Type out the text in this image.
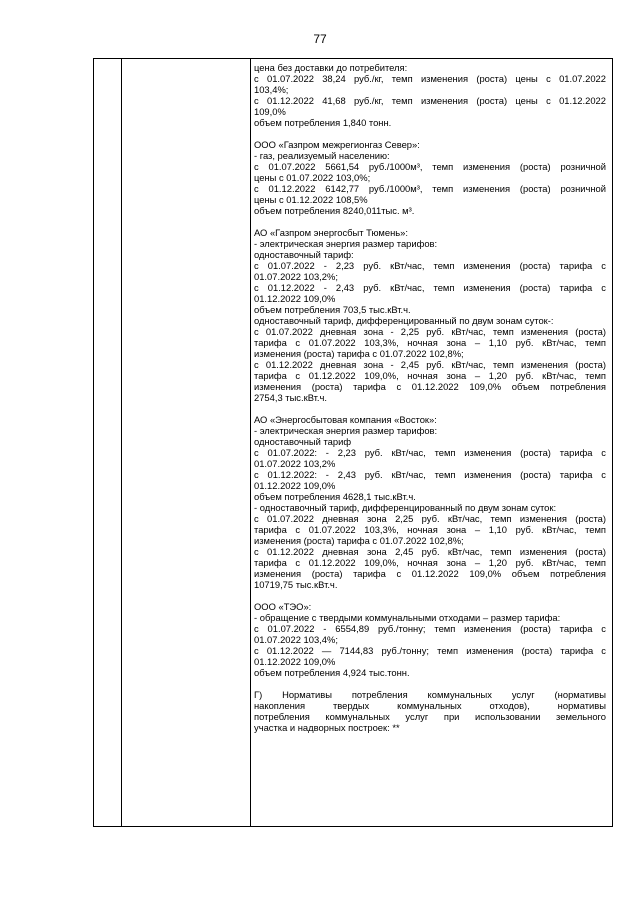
77
цена без доставки до потребителя:
с 01.07.2022 38,24 руб./кг, темп изменения (роста) цены с 01.07.2022
103,4%;
с 01.12.2022 41,68 руб./кг, темп изменения (роста) цены с 01.12.2022
109,0%
объем потребления 1,840 тонн.
ООО «Газпром межрегионгаз Север»:
- газ, реализуемый населению:
с 01.07.2022 5661,54 руб./1000м³, темп изменения (роста) розничной
цены с 01.07.2022 103,0%;
с 01.12.2022 6142,77 руб./1000м³, темп изменения (роста) розничной
цены с 01.12.2022 108,5%
объем потребления 8240,011тыс. м³.
АО «Газпром энергосбыт Тюмень»:
- электрическая энергия размер тарифов:
одноставочный тариф:
с 01.07.2022 - 2,23 руб. кВт/час, темп изменения (роста) тарифа с
01.07.2022 103,2%;
с 01.12.2022 - 2,43 руб. кВт/час, темп изменения (роста) тарифа с
01.12.2022 109,0%
объем потребления 703,5 тыс.кВт.ч.
одноставочный тариф, дифференцированный по двум зонам суток-:
с 01.07.2022 дневная зона - 2,25 руб. кВт/час, темп изменения (роста)
тарифа с 01.07.2022 103,3%, ночная зона – 1,10 руб. кВт/час, темп
изменения (роста) тарифа с 01.07.2022 102,8%;
с 01.12.2022 дневная зона - 2,45 руб. кВт/час, темп изменения (роста)
тарифа с 01.12.2022 109,0%, ночная зона – 1,20 руб. кВт/час, темп
изменения (роста) тарифа с 01.12.2022 109,0% объем потребления
2754,3 тыс.кВт.ч.
АО «Энергосбытовая компания «Восток»:
- электрическая энергия размер тарифов:
одноставочный тариф
с 01.07.2022: - 2,23 руб. кВт/час, темп изменения (роста) тарифа с
01.07.2022 103,2%
с 01.12.2022: - 2,43 руб. кВт/час, темп изменения (роста) тарифа с
01.12.2022 109,0%
объем потребления 4628,1 тыс.кВт.ч.
- одноставочный тариф, дифференцированный по двум зонам суток:
с 01.07.2022 дневная зона 2,25 руб. кВт/час, темп изменения (роста)
тарифа с 01.07.2022 103,3%, ночная зона – 1,10 руб. кВт/час, темп
изменения (роста) тарифа с 01.07.2022 102,8%;
с 01.12.2022 дневная зона 2,45 руб. кВт/час, темп изменения (роста)
тарифа с 01.12.2022 109,0%, ночная зона – 1,20 руб. кВт/час, темп
изменения (роста) тарифа с 01.12.2022 109,0% объем потребления
10719,75 тыс.кВт.ч.
ООО «ТЭО»:
- обращение с твердыми коммунальными отходами – размер тарифа:
с 01.07.2022 - 6554,89 руб./тонну; темп изменения (роста) тарифа с
01.07.2022 103,4%;
с 01.12.2022 — 7144,83 руб./тонну; темп изменения (роста) тарифа с
01.12.2022 109,0%
объем потребления 4,924 тыс.тонн.
Г) Нормативы потребления коммунальных услуг (нормативы
накопления твердых коммунальных отходов), нормативы
потребления коммунальных услуг при использовании земельного
участка и надворных построек: **
